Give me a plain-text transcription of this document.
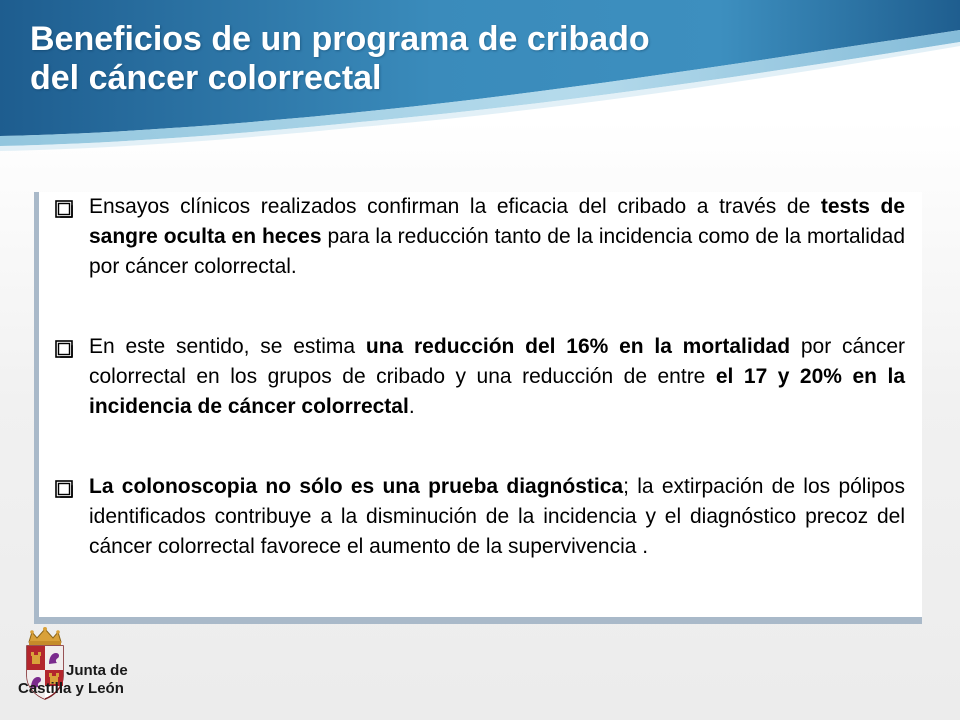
Beneficios de un programa de cribado
del cáncer colorrectal

Ensayos clínicos realizados confirman la eficacia del cribado a través de tests de sangre oculta en heces para la reducción tanto de la incidencia como de la mortalidad por cáncer colorrectal.

En este sentido, se estima una reducción del 16% en la mortalidad por cáncer colorrectal en los grupos de cribado y una reducción de entre el 17 y 20% en la incidencia de cáncer colorrectal.

La colonoscopia no sólo es una prueba diagnóstica; la extirpación de los pólipos identificados contribuye a la disminución de la incidencia y el diagnóstico precoz del cáncer colorrectal favorece el aumento de la supervivencia .

Junta de
Castilla y León
